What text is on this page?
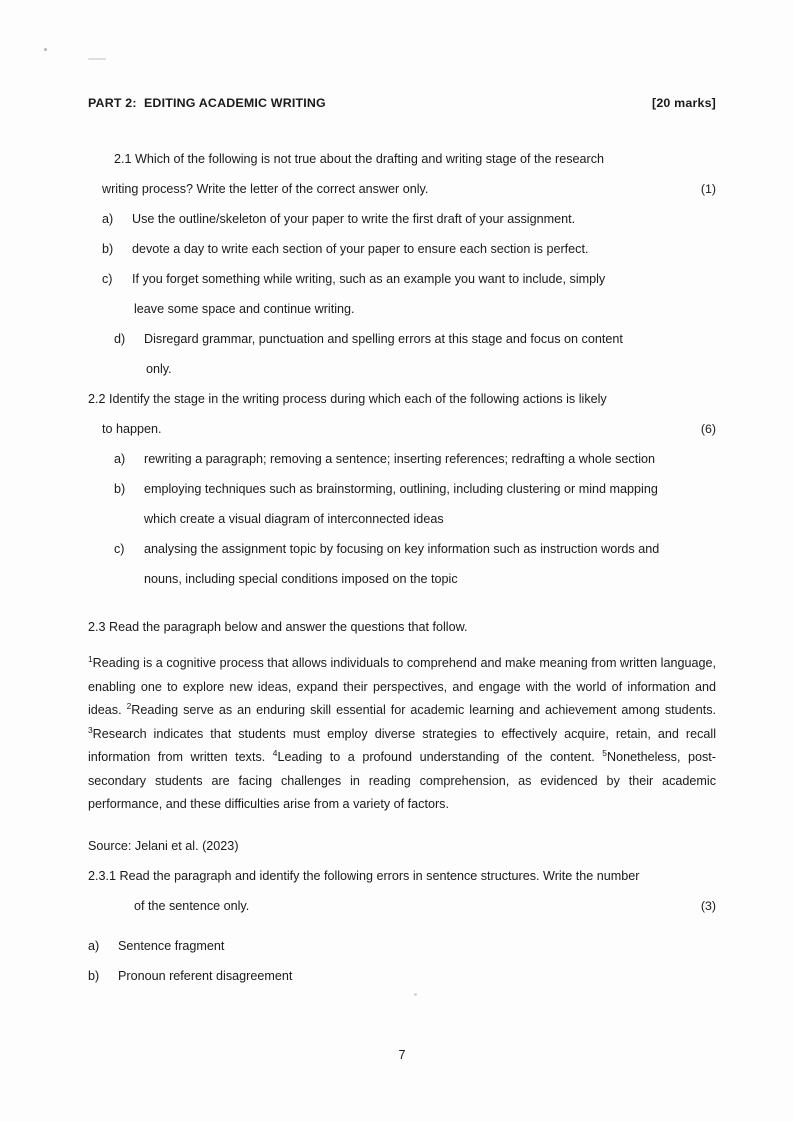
PART 2:  EDITING ACADEMIC WRITING	[20 marks]
2.1 Which of the following is not true about the drafting and writing stage of the research
writing process? Write the letter of the correct answer only.	(1)
a)	Use the outline/skeleton of your paper to write the first draft of your assignment.
b)	devote a day to write each section of your paper to ensure each section is perfect.
c)	If you forget something while writing, such as an example you want to include, simply
leave some space and continue writing.
d)	Disregard grammar, punctuation and spelling errors at this stage and focus on content
only.
2.2 Identify the stage in the writing process during which each of the following actions is likely
to happen.	(6)
a)	rewriting a paragraph; removing a sentence; inserting references; redrafting a whole section
b)	employing techniques such as brainstorming, outlining, including clustering or mind mapping
which create a visual diagram of interconnected ideas
c)	analysing the assignment topic by focusing on key information such as instruction words and
nouns, including special conditions imposed on the topic
2.3 Read the paragraph below and answer the questions that follow.

$^1$Reading is a cognitive process that allows individuals to comprehend and make meaning from written language, enabling one to explore new ideas, expand their perspectives, and engage with the world of information and ideas. $^2$Reading serve as an enduring skill essential for academic learning and achievement among students. $^3$Research indicates that students must employ diverse strategies to effectively acquire, retain, and recall information from written texts. $^4$Leading to a profound understanding of the content. $^5$Nonetheless, post-secondary students are facing challenges in reading comprehension, as evidenced by their academic performance, and these difficulties arise from a variety of factors.

Source: Jelani et al. (2023)
2.3.1 Read the paragraph and identify the following errors in sentence structures. Write the number
of the sentence only.	(3)
a)	Sentence fragment
b)	Pronoun referent disagreement
7
